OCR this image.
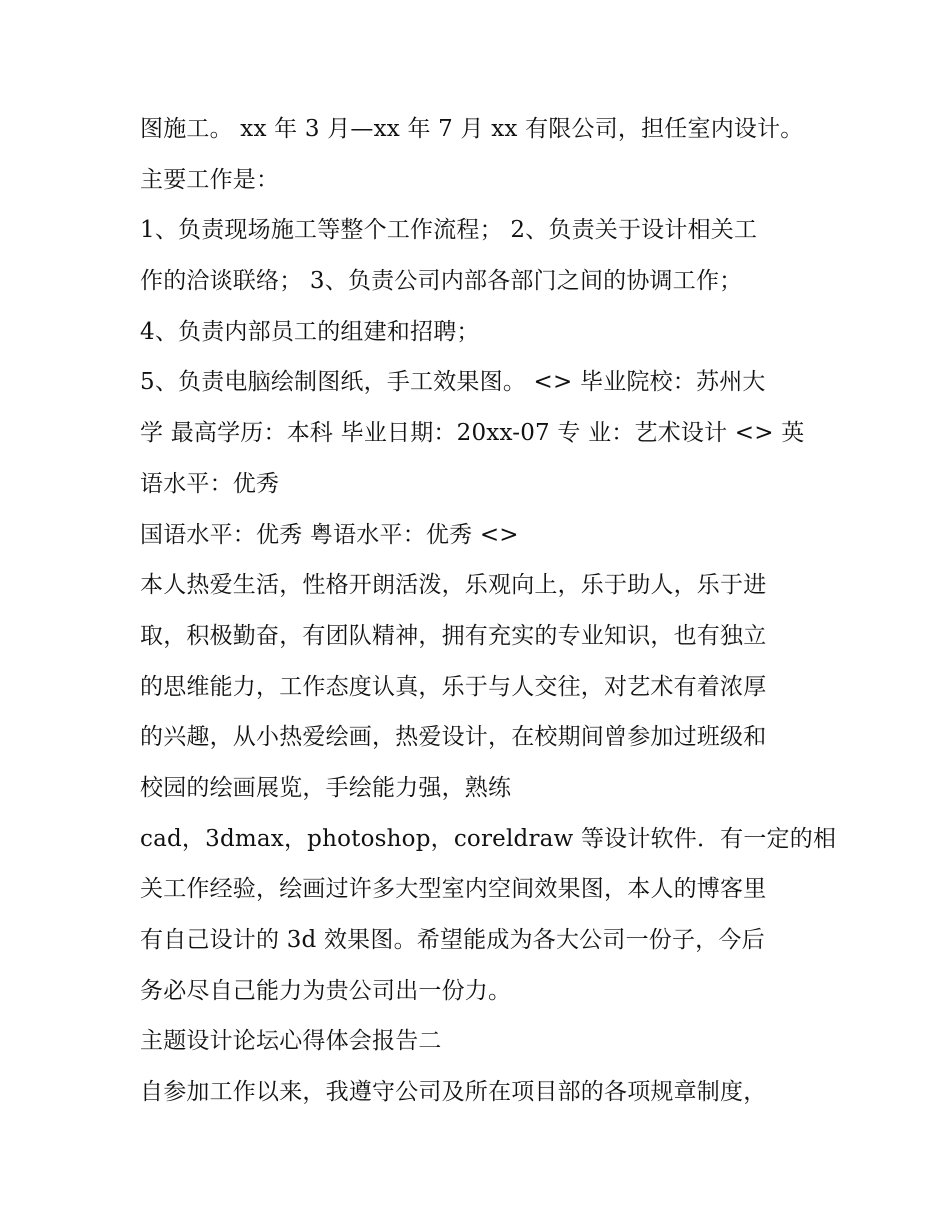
图施工。 xx 年 3 月—xx 年 7 月 xx 有限公司，担任室内设计。
主要工作是：
1、负责现场施工等整个工作流程； 2、负责关于设计相关工
作的洽谈联络； 3、负责公司内部各部门之间的协调工作；
4、负责内部员工的组建和招聘；
5、负责电脑绘制图纸，手工效果图。 <> 毕业院校：苏州大
学 最高学历：本科 毕业日期：20xx-07 专 业：艺术设计 <> 英
语水平：优秀
国语水平：优秀 粤语水平：优秀 <>
本人热爱生活，性格开朗活泼，乐观向上，乐于助人，乐于进
取，积极勤奋，有团队精神，拥有充实的专业知识，也有独立
的思维能力，工作态度认真，乐于与人交往，对艺术有着浓厚
的兴趣，从小热爱绘画，热爱设计，在校期间曾参加过班级和
校园的绘画展览，手绘能力强，熟练
cad，3dmax，photoshop，coreldraw 等设计软件．有一定的相
关工作经验，绘画过许多大型室内空间效果图，本人的博客里
有自己设计的 3d 效果图。希望能成为各大公司一份子，今后
务必尽自己能力为贵公司出一份力。
主题设计论坛心得体会报告二
自参加工作以来，我遵守公司及所在项目部的各项规章制度，
